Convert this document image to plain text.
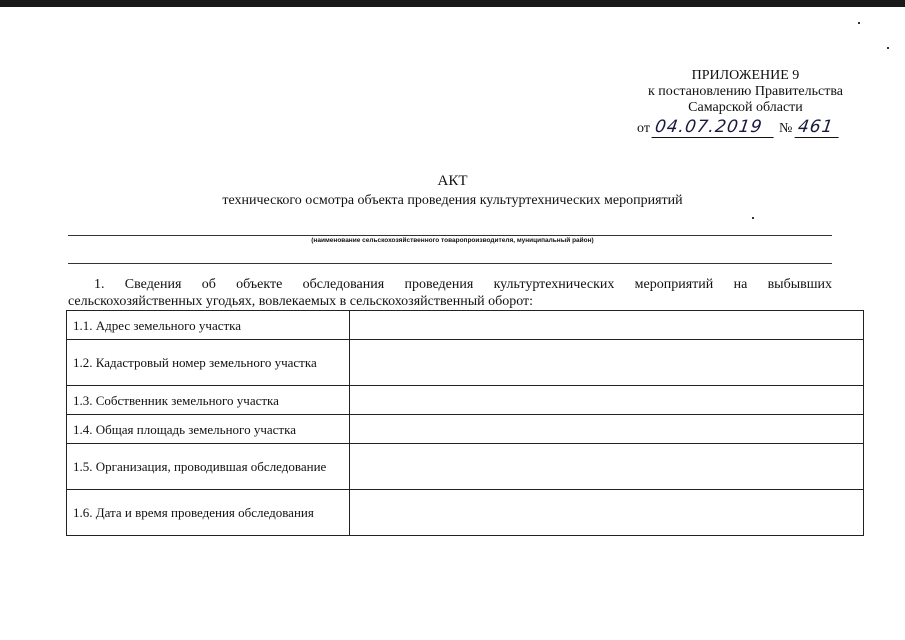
ПРИЛОЖЕНИЕ 9
к постановлению Правительства
Самарской области
от 04.07.2019 № 461
АКТ
технического осмотра объекта проведения культуртехнических мероприятий
(наименование сельскохозяйственного товаропроизводителя, муниципальный район)
1. Сведения об объекте обследования проведения культуртехнических мероприятий на выбывших
сельскохозяйственных угодьях, вовлекаемых в сельскохозяйственный оборот:
1.1. Адрес земельного участка	
1.2. Кадастровый номер земельного участка	
1.3. Собственник земельного участка	
1.4. Общая площадь земельного участка	
1.5. Организация, проводившая обследование	
1.6. Дата и время проведения обследования	
